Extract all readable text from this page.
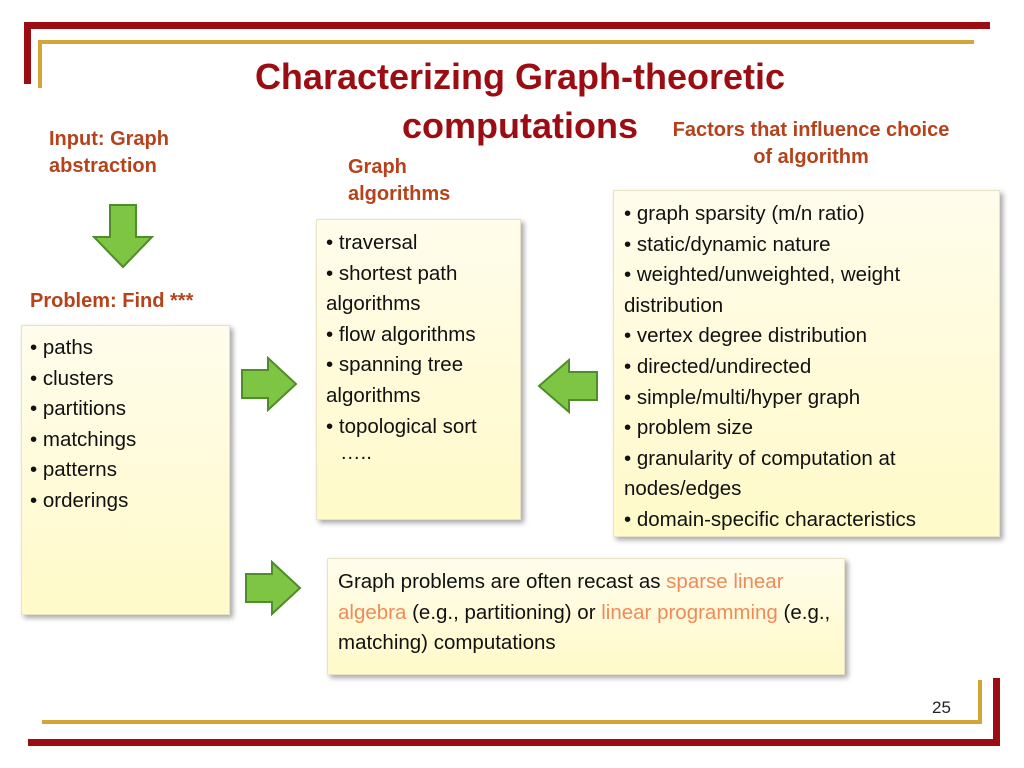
Characterizing Graph-theoretic computations
Input: Graph abstraction
Problem: Find ***
Graph algorithms
Factors that influence choice of algorithm
• paths
• clusters
• partitions
• matchings
• patterns
• orderings
• traversal
• shortest path algorithms
• flow algorithms
• spanning tree algorithms
• topological sort
…..
• graph sparsity (m/n ratio)
• static/dynamic nature
• weighted/unweighted, weight distribution
• vertex degree distribution
• directed/undirected
• simple/multi/hyper graph
• problem size
• granularity of computation at nodes/edges
• domain-specific characteristics
Graph problems are often recast as sparse linear algebra (e.g., partitioning) or linear programming (e.g., matching) computations
25
